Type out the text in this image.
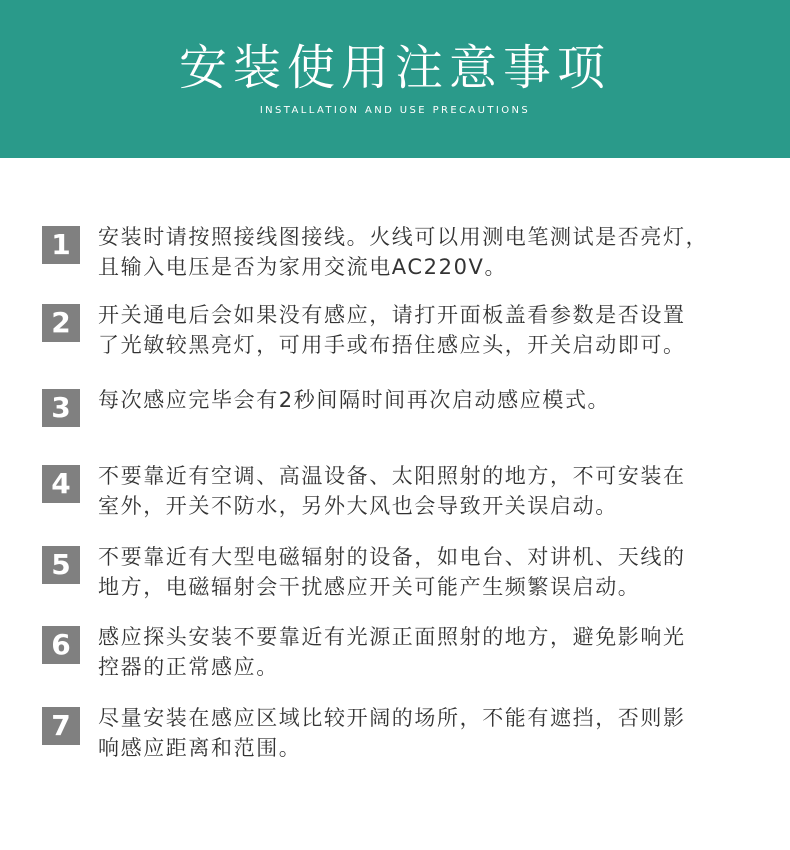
安装使用注意事项
INSTALLATION AND USE PRECAUTIONS
1	安装时请按照接线图接线。火线可以用测电笔测试是否亮灯，
且输入电压是否为家用交流电AC220V。
2	开关通电后会如果没有感应，请打开面板盖看参数是否设置
了光敏较黑亮灯，可用手或布捂住感应头，开关启动即可。
3	每次感应完毕会有2秒间隔时间再次启动感应模式。
4	不要靠近有空调、高温设备、太阳照射的地方，不可安装在
室外，开关不防水，另外大风也会导致开关误启动。
5	不要靠近有大型电磁辐射的设备，如电台、对讲机、天线的
地方，电磁辐射会干扰感应开关可能产生频繁误启动。
6	感应探头安装不要靠近有光源正面照射的地方，避免影响光
控器的正常感应。
7	尽量安装在感应区域比较开阔的场所，不能有遮挡，否则影
响感应距离和范围。
